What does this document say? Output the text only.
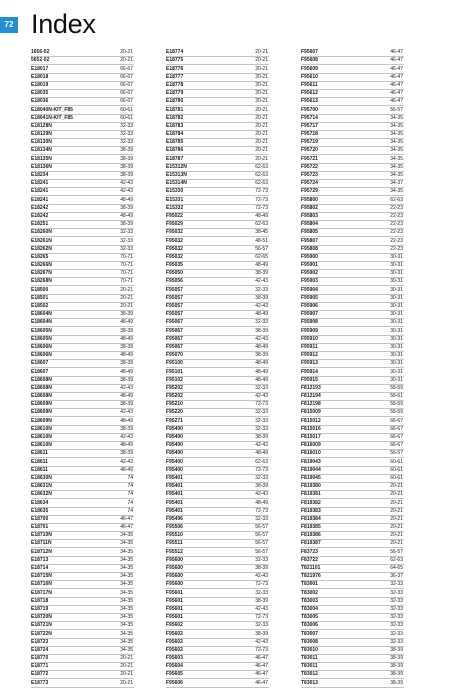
72 Index
1656-02	20-21
5652-02	20-21
E18017	66-67
E18018	66-67
E18019	66-67
E18035	66-67
E18036	66-67
E18040N-KIT_F85	60-61
E18041N-KIT_F85	60-61
E18128N	32-33
E18129N	32-33
E18130N	32-33
E18134N	38-39
E18135N	38-39
E18136N	38-39
E18234	38-39
E18241	42-43
E18241	42-43
E18241	48-49
E18242	38-39
E18242	48-49
E18251	38-39
E18260N	32-33
E18261N	32-33
E18262N	32-33
E18265	70-71
E18266N	70-71
E18267N	70-71
E18268N	70-71
E18500	20-21
E18501	20-21
E18502	20-21
E18604N	38-39
E18604N	48-49
E18605N	38-39
E18605N	48-49
E18606N	38-39
E18606N	48-49
E18607	38-39
E18607	48-49
E18608N	38-39
E18608N	42-43
E18608N	48-49
E18609N	38-39
E18609N	42-43
E18609N	48-49
E18610N	38-39
E18610N	42-43
E18610N	48-49
E18611	38-39
E18611	42-43
E18611	48-49
E18630N	74
E18631N	74
E18632N	74
E18634	74
E18635	74
E18700	46-47
E18701	46-47
E18710N	34-35
E18711N	34-35
E18712N	34-35
E18713	34-35
E18714	34-35
E18715N	34-35
E18716N	34-35
E18717N	34-35
E18718	34-35
E18719	34-35
E18720N	34-35
E18721N	34-35
E18722N	34-35
E18723	34-35
E18724	34-35
E18770	20-21
E18771	20-21
E18772	20-21
E18773	20-21
E18774	20-21
E18775	20-21
E18776	20-21
E18777	20-21
E18778	20-21
E18779	20-21
E18780	20-21
E18781	20-21
E18782	20-21
E18783	20-21
E18784	20-21
E18785	20-21
E18786	20-21
E18787	20-21
E15312N	62-63
E15313N	62-63
E15314N	62-63
E15330	72-73
E15331	72-73
E15332	72-73
F95022	48-49
F95029	62-63
F95032	38-45
F95032	48-51
F95032	56-57
F95032	62-65
F95035	48-49
F95050	38-39
F95056	42-43
F95057	32-33
F95057	38-39
F95057	42-43
F95057	48-49
F95067	32-33
F95067	38-39
F95067	42-43
F95067	48-49
F95070	38-39
F95100	48-49
F95101	48-49
F95102	48-49
F95202	32-33
F95202	42-43
F95210	72-73
F95220	32-33
F95271	32-33
F95400	32-33
F95400	38-39
F95400	42-43
F95400	48-49
F95400	62-63
F95400	72-73
F95401	32-33
F95401	38-39
F95401	42-43
F95401	48-49
F95401	72-73
F95496	32-33
F95506	56-57
F95510	56-57
F95511	56-57
F95512	56-57
F95600	32-33
F95600	38-39
F95600	42-43
F95600	72-73
F95601	32-33
F95601	38-39
F95601	42-43
F95601	72-73
F95602	32-33
F95602	38-39
F95602	42-43
F95602	72-73
F95603	46-47
F95604	46-47
F95605	46-47
F95606	46-47
F95607	46-47
F95608	46-47
F95609	46-47
F95610	46-47
F95611	46-47
F95612	46-47
F95613	46-47
F95700	56-57
F95714	34-35
F95717	34-35
F95718	34-35
F95719	34-35
F95720	34-35
F95721	34-35
F95722	34-35
F95723	34-35
F95724	34-37
F95729	34-35
F95800	62-63
F95802	22-23
F95803	22-23
F95804	22-23
F95805	22-23
F95807	22-23
F95808	22-23
F95900	30-31
F95901	30-31
F95902	30-31
F95903	30-31
F95904	30-31
F95905	30-31
F95906	30-31
F95907	30-31
F95908	30-31
F95909	30-31
F95910	30-31
F95911	30-31
F95912	30-31
F95913	30-31
F95914	30-31
F95915	30-31
F812193	58-59
F812194	58-61
F812198	58-59
F815009	58-59
F815012	66-67
F815016	66-67
F815017	66-67
F816009	66-67
F816010	56-57
F819043	60-61
F819044	60-61
F819045	60-61
F819380	20-21
F819381	20-21
F819382	20-21
F819383	20-21
F819384	20-21
F819385	20-21
F819386	20-21
F819387	20-21
F83723	56-57
F83722	62-63
T821101	64-65
T821976	36-37
T83001	32-33
T83002	32-33
T83003	32-33
T83004	32-33
T83005	32-33
T83006	32-33
T83007	32-33
T83008	32-33
T83010	38-39
T83011	38-39
T83011	38-39
T83012	38-39
T83013	38-39
